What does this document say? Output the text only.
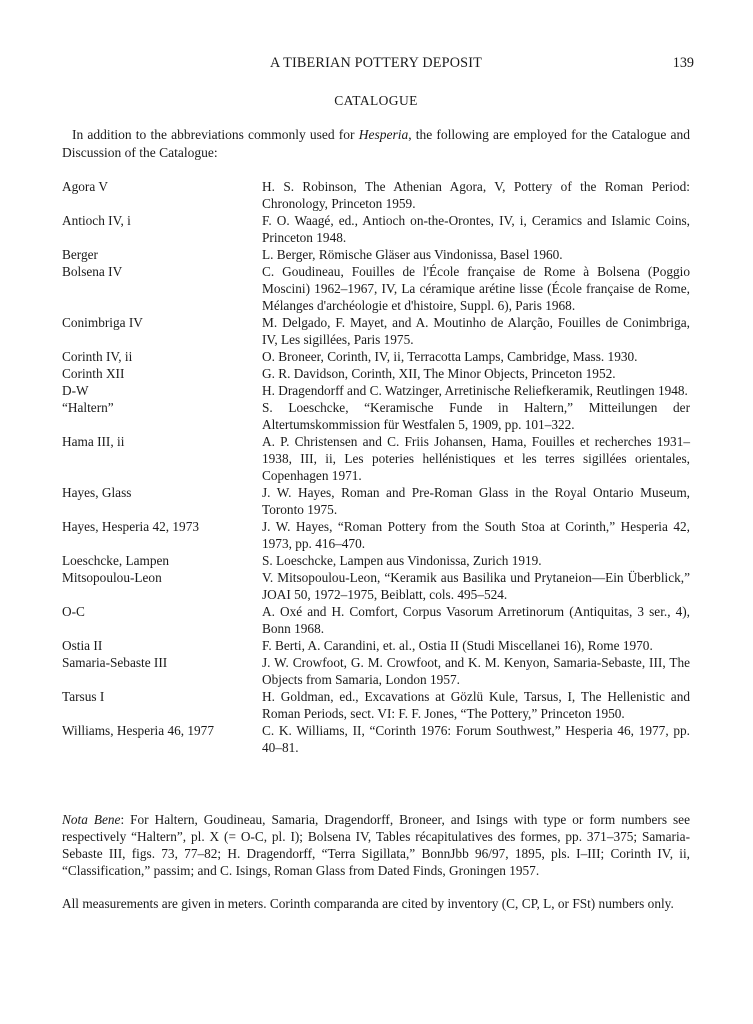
A TIBERIAN POTTERY DEPOSIT	139
CATALOGUE

In addition to the abbreviations commonly used for Hesperia, the following are employed for the Catalogue and Discussion of the Catalogue:

Agora V	H. S. Robinson, The Athenian Agora, V, Pottery of the Roman Period: Chronology, Princeton 1959.
Antioch IV, i	F. O. Waagé, ed., Antioch on-the-Orontes, IV, i, Ceramics and Islamic Coins, Princeton 1948.
Berger	L. Berger, Römische Gläser aus Vindonissa, Basel 1960.
Bolsena IV	C. Goudineau, Fouilles de l'École française de Rome à Bolsena (Poggio Moscini) 1962–1967, IV, La céramique arétine lisse (École française de Rome, Mélanges d'archéologie et d'histoire, Suppl. 6), Paris 1968.
Conimbriga IV	M. Delgado, F. Mayet, and A. Moutinho de Alarção, Fouilles de Conimbriga, IV, Les sigillées, Paris 1975.
Corinth IV, ii	O. Broneer, Corinth, IV, ii, Terracotta Lamps, Cambridge, Mass. 1930.
Corinth XII	G. R. Davidson, Corinth, XII, The Minor Objects, Princeton 1952.
D-W	H. Dragendorff and C. Watzinger, Arretinische Reliefkeramik, Reutlingen 1948.
“Haltern”	S. Loeschcke, “Keramische Funde in Haltern,” Mitteilungen der Altertumskommission für Westfalen 5, 1909, pp. 101–322.
Hama III, ii	A. P. Christensen and C. Friis Johansen, Hama, Fouilles et recherches 1931–1938, III, ii, Les poteries hellénistiques et les terres sigillées orientales, Copenhagen 1971.
Hayes, Glass	J. W. Hayes, Roman and Pre-Roman Glass in the Royal Ontario Museum, Toronto 1975.
Hayes, Hesperia 42, 1973	J. W. Hayes, “Roman Pottery from the South Stoa at Corinth,” Hesperia 42, 1973, pp. 416–470.
Loeschcke, Lampen	S. Loeschcke, Lampen aus Vindonissa, Zurich 1919.
Mitsopoulou-Leon	V. Mitsopoulou-Leon, “Keramik aus Basilika und Prytaneion—Ein Überblick,” JOAI 50, 1972–1975, Beiblatt, cols. 495–524.
O-C	A. Oxé and H. Comfort, Corpus Vasorum Arretinorum (Antiquitas, 3 ser., 4), Bonn 1968.
Ostia II	F. Berti, A. Carandini, et. al., Ostia II (Studi Miscellanei 16), Rome 1970.
Samaria-Sebaste III	J. W. Crowfoot, G. M. Crowfoot, and K. M. Kenyon, Samaria-Sebaste, III, The Objects from Samaria, London 1957.
Tarsus I	H. Goldman, ed., Excavations at Gözlü Kule, Tarsus, I, The Hellenistic and Roman Periods, sect. VI: F. F. Jones, “The Pottery,” Princeton 1950.
Williams, Hesperia 46, 1977	C. K. Williams, II, “Corinth 1976: Forum Southwest,” Hesperia 46, 1977, pp. 40–81.

Nota Bene: For Haltern, Goudineau, Samaria, Dragendorff, Broneer, and Isings with type or form numbers see respectively “Haltern”, pl. X (= O-C, pl. I); Bolsena IV, Tables récapitulatives des formes, pp. 371–375; Samaria-Sebaste III, figs. 73, 77–82; H. Dragendorff, “Terra Sigillata,” BonnJbb 96/97, 1895, pls. I–III; Corinth IV, ii, “Classification,” passim; and C. Isings, Roman Glass from Dated Finds, Groningen 1957.

All measurements are given in meters. Corinth comparanda are cited by inventory (C, CP, L, or FSt) numbers only.
